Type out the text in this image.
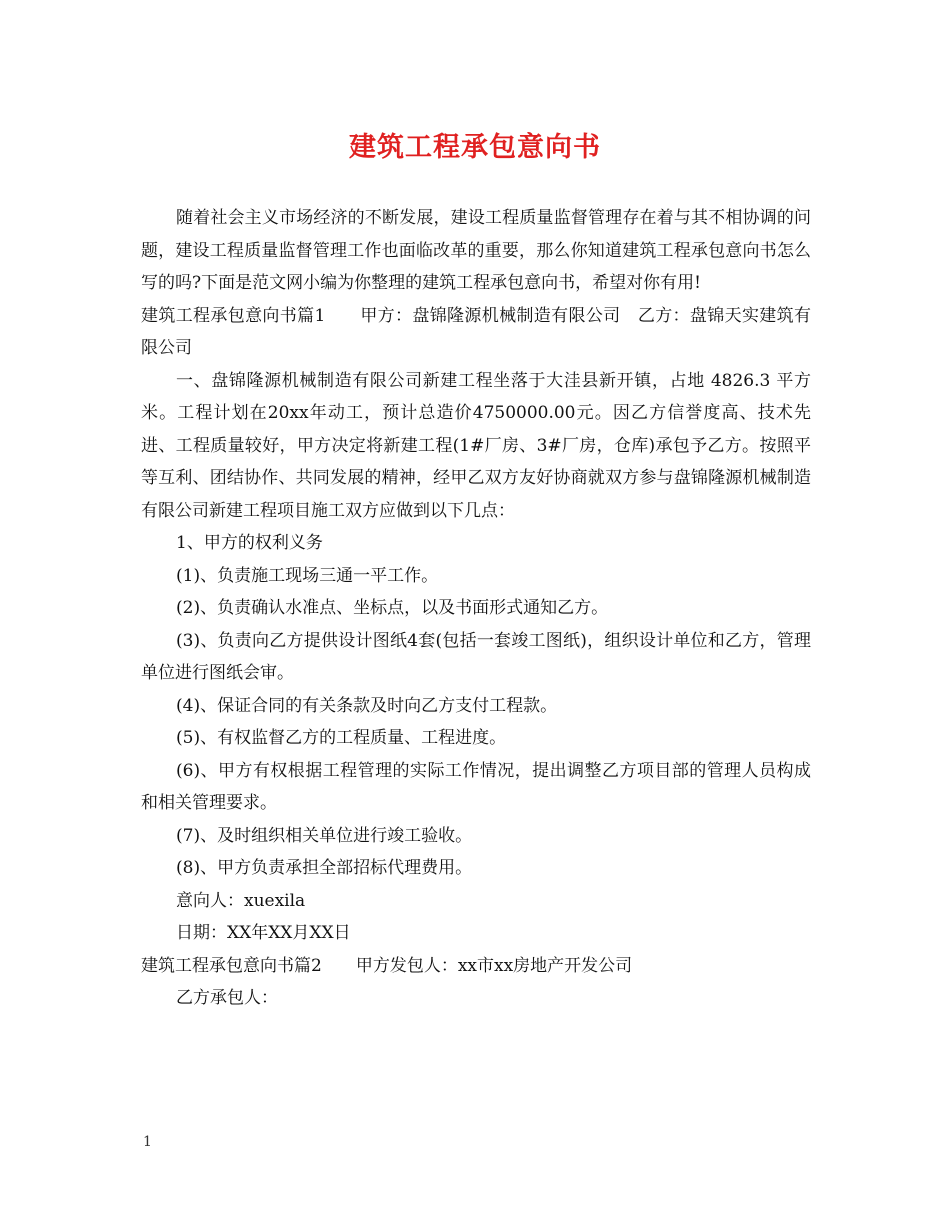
建筑工程承包意向书

随着社会主义市场经济的不断发展，建设工程质量监督管理存在着与其不相协调的问题，建设工程质量监督管理工作也面临改革的重要，那么你知道建筑工程承包意向书怎么写的吗?下面是范文网小编为你整理的建筑工程承包意向书，希望对你有用!

建筑工程承包意向书篇1　　甲方：盘锦隆源机械制造有限公司　乙方：盘锦天实建筑有限公司

一、盘锦隆源机械制造有限公司新建工程坐落于大洼县新开镇，占地 4826.3 平方米。工程计划在20xx年动工，预计总造价4750000.00元。因乙方信誉度高、技术先进、工程质量较好，甲方决定将新建工程(1#厂房、3#厂房，仓库)承包予乙方。按照平等互利、团结协作、共同发展的精神，经甲乙双方友好协商就双方参与盘锦隆源机械制造有限公司新建工程项目施工双方应做到以下几点：

1、甲方的权利义务

(1)、负责施工现场三通一平工作。

(2)、负责确认水准点、坐标点，以及书面形式通知乙方。

(3)、负责向乙方提供设计图纸4套(包括一套竣工图纸)，组织设计单位和乙方，管理单位进行图纸会审。

(4)、保证合同的有关条款及时向乙方支付工程款。

(5)、有权监督乙方的工程质量、工程进度。

(6)、甲方有权根据工程管理的实际工作情况，提出调整乙方项目部的管理人员构成和相关管理要求。

(7)、及时组织相关单位进行竣工验收。

(8)、甲方负责承担全部招标代理费用。

意向人：xuexila

日期：XX年XX月XX日

建筑工程承包意向书篇2　　甲方发包人：xx市xx房地产开发公司

乙方承包人：

1
